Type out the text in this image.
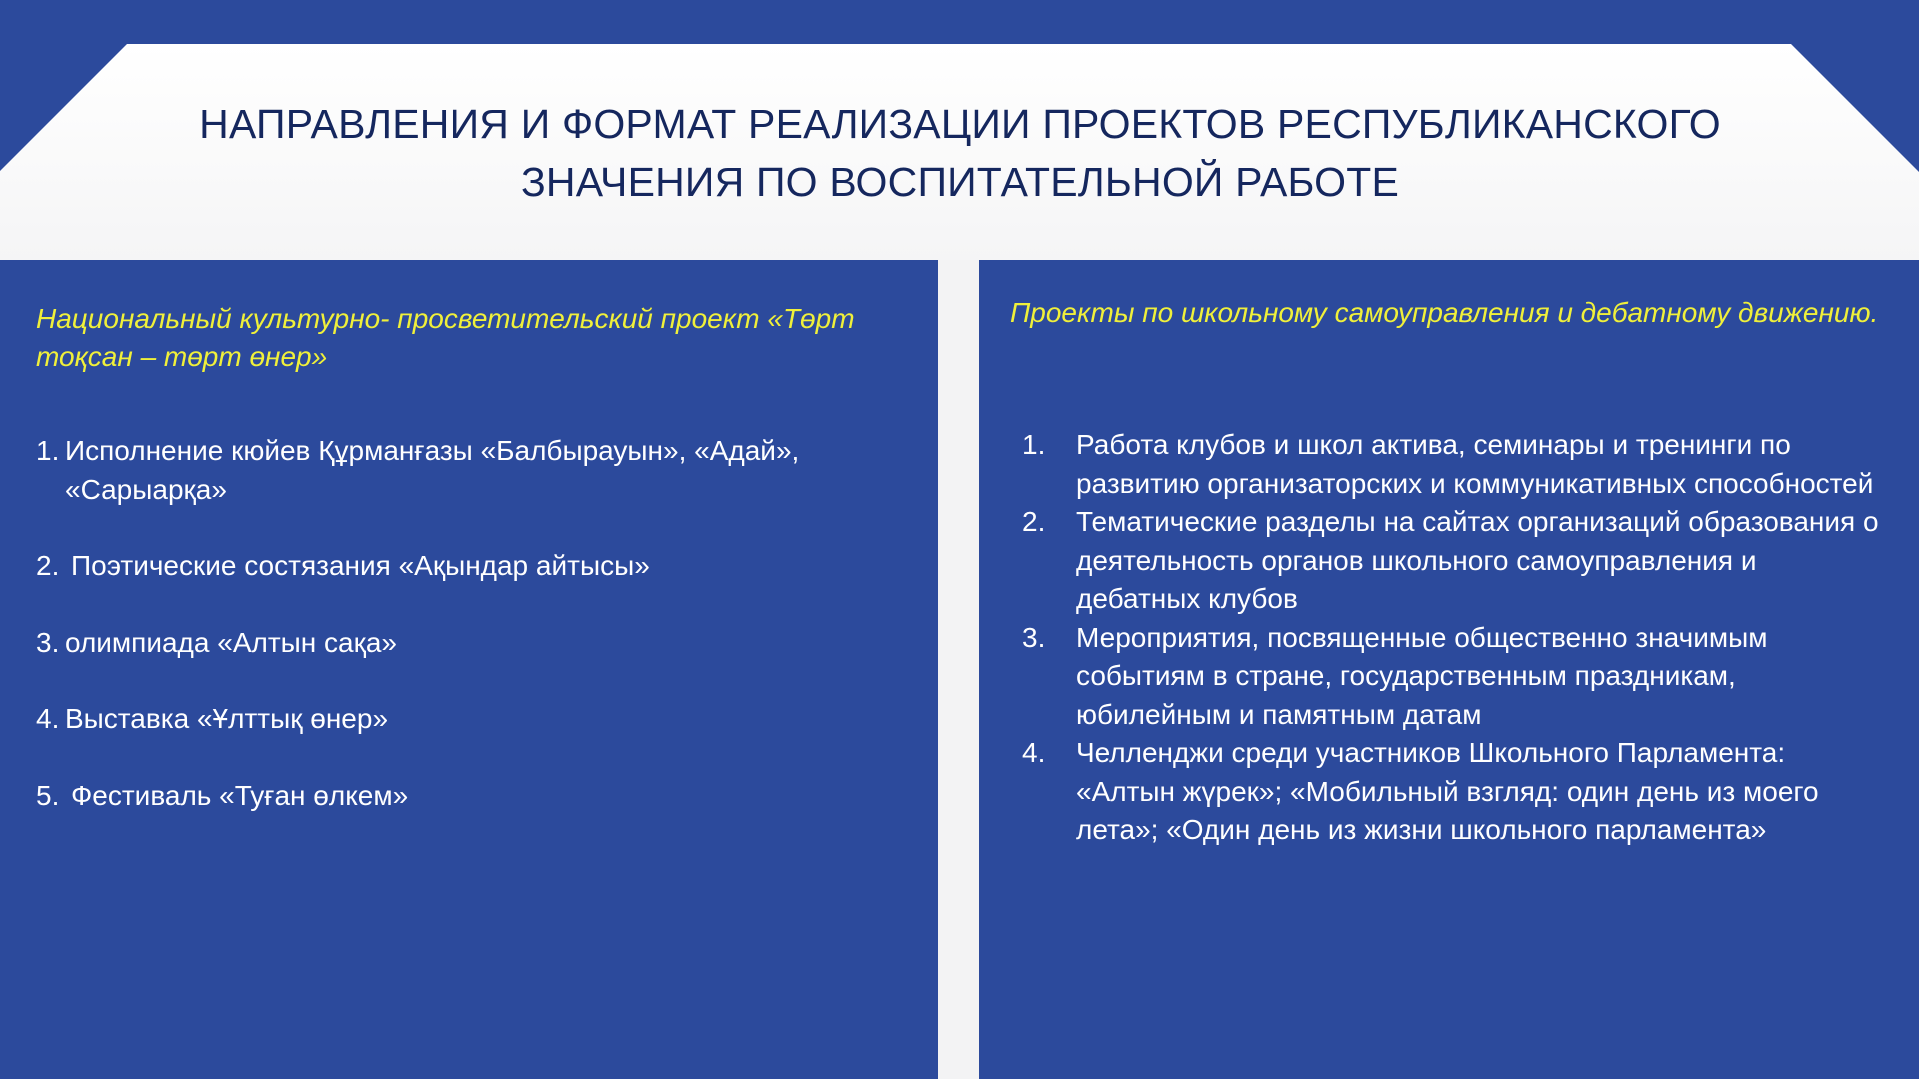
НАПРАВЛЕНИЯ И ФОРМАТ РЕАЛИЗАЦИИ ПРОЕКТОВ РЕСПУБЛИКАНСКОГО
ЗНАЧЕНИЯ ПО ВОСПИТАТЕЛЬНОЙ РАБОТЕ
Национальный культурно- просветительский проект «Төрт тоқсан – төрт өнер»
1. Исполнение кюйев Құрманғазы «Балбырауын», «Адай», «Сарыарқа»
2. Поэтические состязания «Ақындар айтысы»
3. олимпиада «Алтын сақа»
4. Выставка «Ұлттық өнер»
5. Фестиваль «Туған өлкем»
Проекты по школьному самоуправления и дебатному движению.
1. Работа клубов и школ актива, семинары и тренинги по развитию организаторских и коммуникативных способностей
2. Тематические разделы на сайтах организаций образования о деятельность органов школьного самоуправления и дебатных клубов
3. Мероприятия, посвященные общественно значимым событиям в стране, государственным праздникам, юбилейным и памятным датам
4. Челленджи среди участников Школьного Парламента: «Алтын жүрек»; «Мобильный взгляд: один день из моего лета»; «Один день из жизни школьного парламента»
